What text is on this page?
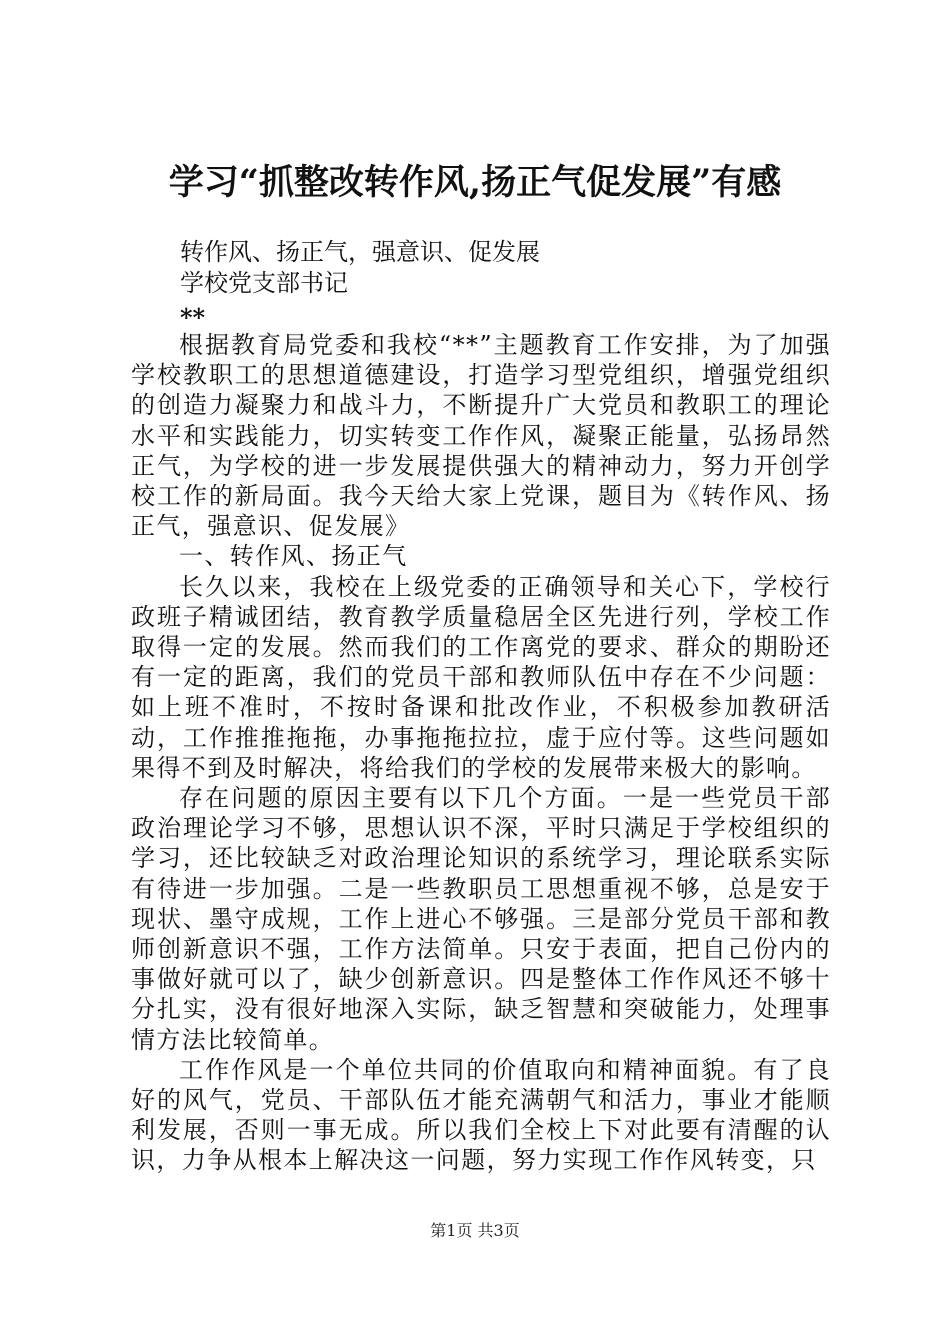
学习“抓整改转作风,扬正气促发展”有感
转作风、扬正气，强意识、促发展
学校党支部书记
**

根据教育局党委和我校“**”主题教育工作安排，为了加强学校教职工的思想道德建设，打造学习型党组织，增强党组织的创造力凝聚力和战斗力，不断提升广大党员和教职工的理论水平和实践能力，切实转变工作作风，凝聚正能量，弘扬昂然正气，为学校的进一步发展提供强大的精神动力，努力开创学校工作的新局面。我今天给大家上党课，题目为《转作风、扬正气，强意识、促发展》

一、转作风、扬正气

长久以来，我校在上级党委的正确领导和关心下，学校行政班子精诚团结，教育教学质量稳居全区先进行列，学校工作取得一定的发展。然而我们的工作离党的要求、群众的期盼还有一定的距离，我们的党员干部和教师队伍中存在不少问题：如上班不准时，不按时备课和批改作业，不积极参加教研活动，工作推推拖拖，办事拖拖拉拉，虚于应付等。这些问题如果得不到及时解决，将给我们的学校的发展带来极大的影响。

存在问题的原因主要有以下几个方面。一是一些党员干部政治理论学习不够，思想认识不深，平时只满足于学校组织的学习，还比较缺乏对政治理论知识的系统学习，理论联系实际有待进一步加强。二是一些教职员工思想重视不够，总是安于现状、墨守成规，工作上进心不够强。三是部分党员干部和教师创新意识不强，工作方法简单。只安于表面，把自己份内的事做好就可以了，缺少创新意识。四是整体工作作风还不够十分扎实，没有很好地深入实际，缺乏智慧和突破能力，处理事情方法比较简单。

工作作风是一个单位共同的价值取向和精神面貌。有了良好的风气，党员、干部队伍才能充满朝气和活力，事业才能顺利发展，否则一事无成。所以我们全校上下对此要有清醒的认识，力争从根本上解决这一问题，努力实现工作作风转变，只

第1页 共3页
